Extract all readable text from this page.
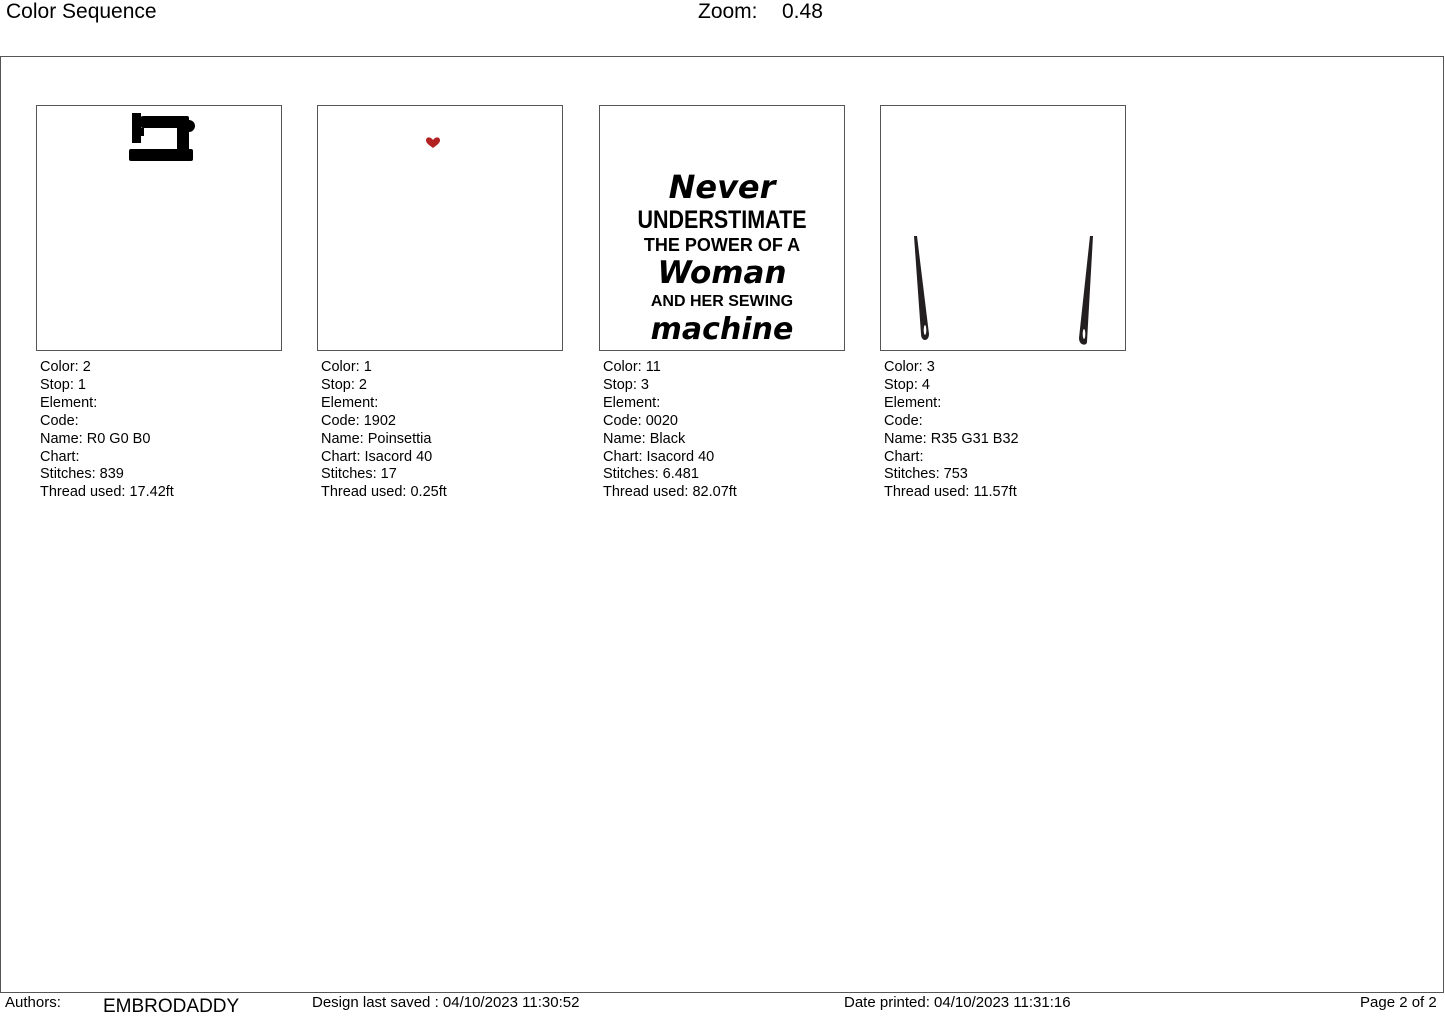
Color Sequence	Zoom: 0.48
Color: 2
Stop: 1
Element:
Code:
Name: R0 G0 B0
Chart:
Stitches: 839
Thread used: 17.42ft
Color: 1
Stop: 2
Element:
Code: 1902
Name: Poinsettia
Chart: Isacord 40
Stitches: 17
Thread used: 0.25ft
Never
UNDERSTIMATE
THE POWER OF A
Woman
AND HER SEWING
machine
Color: 11
Stop: 3
Element:
Code: 0020
Name: Black
Chart: Isacord 40
Stitches: 6.481
Thread used: 82.07ft
Color: 3
Stop: 4
Element:
Code:
Name: R35 G31 B32
Chart:
Stitches: 753
Thread used: 11.57ft
Authors: EMBRODADDY	Design last saved : 04/10/2023 11:30:52	Date printed: 04/10/2023 11:31:16	Page 2 of 2
